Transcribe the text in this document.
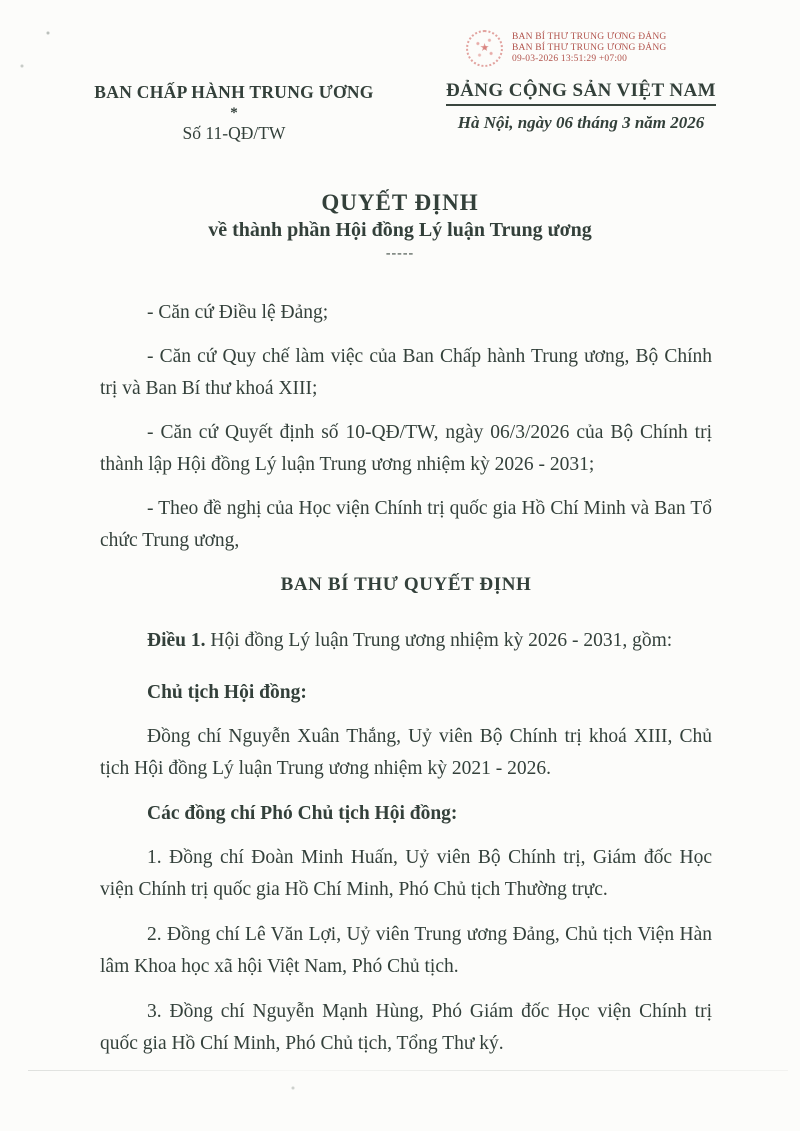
★
BAN BÍ THƯ TRUNG ƯƠNG ĐẢNG
BAN BÍ THƯ TRUNG ƯƠNG ĐẢNG
09-03-2026 13:51:29 +07:00
BAN CHẤP HÀNH TRUNG ƯƠNG
*
Số 11-QĐ/TW
ĐẢNG CỘNG SẢN VIỆT NAM
Hà Nội, ngày 06 tháng 3 năm 2026
QUYẾT ĐỊNH
về thành phần Hội đồng Lý luận Trung ương
-----

- Căn cứ Điều lệ Đảng;

- Căn cứ Quy chế làm việc của Ban Chấp hành Trung ương, Bộ Chính trị và Ban Bí thư khoá XIII;

- Căn cứ Quyết định số 10-QĐ/TW, ngày 06/3/2026 của Bộ Chính trị thành lập Hội đồng Lý luận Trung ương nhiệm kỳ 2026 - 2031;

- Theo đề nghị của Học viện Chính trị quốc gia Hồ Chí Minh và Ban Tổ chức Trung ương,

BAN BÍ THƯ QUYẾT ĐỊNH

Điều 1. Hội đồng Lý luận Trung ương nhiệm kỳ 2026 - 2031, gồm:

Chủ tịch Hội đồng:

Đồng chí Nguyễn Xuân Thắng, Uỷ viên Bộ Chính trị khoá XIII, Chủ tịch Hội đồng Lý luận Trung ương nhiệm kỳ 2021 - 2026.

Các đồng chí Phó Chủ tịch Hội đồng:

1. Đồng chí Đoàn Minh Huấn, Uỷ viên Bộ Chính trị, Giám đốc Học viện Chính trị quốc gia Hồ Chí Minh, Phó Chủ tịch Thường trực.

2. Đồng chí Lê Văn Lợi, Uỷ viên Trung ương Đảng, Chủ tịch Viện Hàn lâm Khoa học xã hội Việt Nam, Phó Chủ tịch.

3. Đồng chí Nguyễn Mạnh Hùng, Phó Giám đốc Học viện Chính trị quốc gia Hồ Chí Minh, Phó Chủ tịch, Tổng Thư ký.
